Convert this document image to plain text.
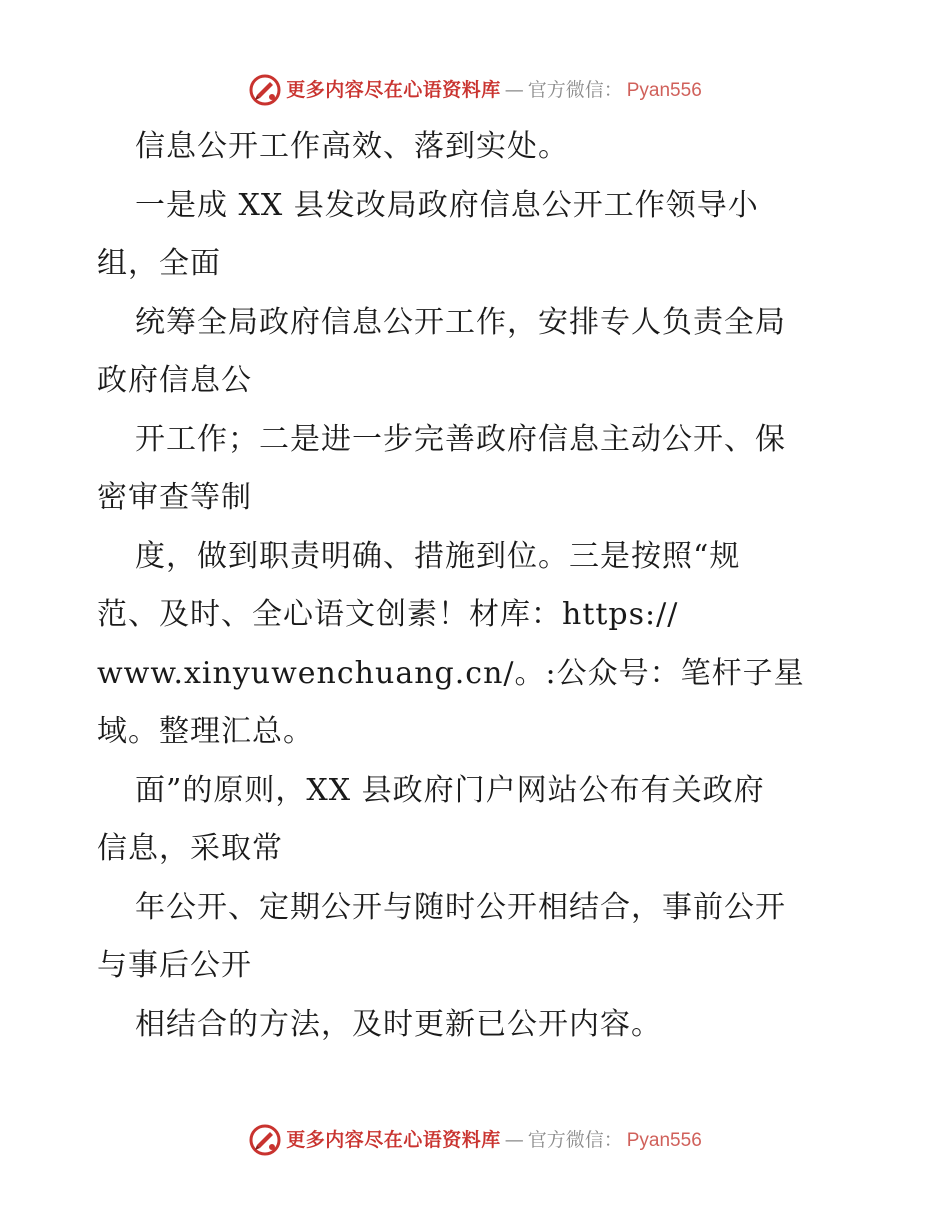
更多内容尽在心语资料库 — 官方微信： Pyan556
信息公开工作高效、落到实处。
一是成 XX 县发改局政府信息公开工作领导小
组，全面
统筹全局政府信息公开工作，安排专人负责全局
政府信息公
开工作；二是进一步完善政府信息主动公开、保
密审查等制
度，做到职责明确、措施到位。三是按照“规
范、及时、全心语文创素！材库：https://
www.xinyuwenchuang.cn/。:公众号：笔杆子星
域。整理汇总。
面”的原则，XX 县政府门户网站公布有关政府
信息，采取常
年公开、定期公开与随时公开相结合，事前公开
与事后公开
相结合的方法，及时更新已公开内容。
更多内容尽在心语资料库 — 官方微信： Pyan556
